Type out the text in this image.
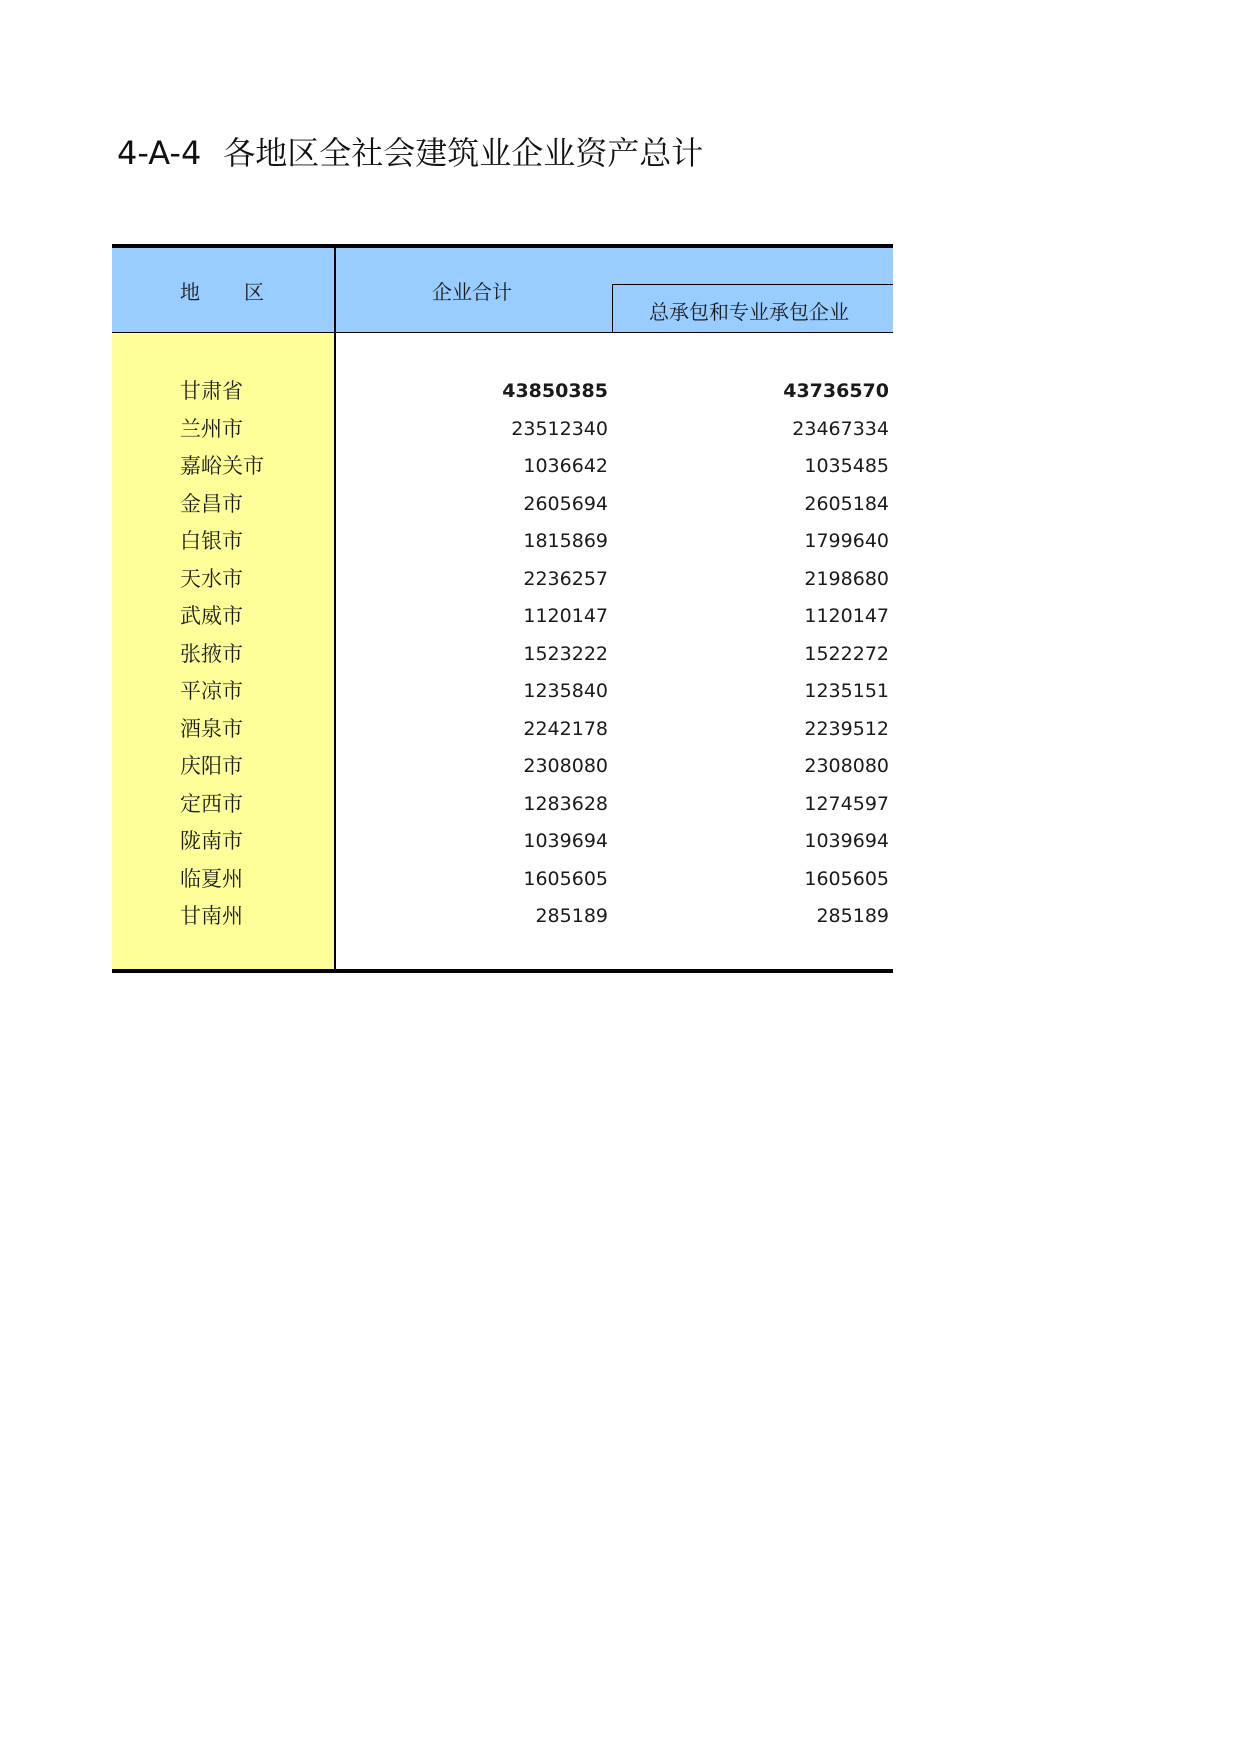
4-A-4 各地区全社会建筑业企业资产总计
地 区	企业合计
总承包和专业承包企业
甘肃省	43850385	43736570
兰州市	23512340	23467334
嘉峪关市	1036642	1035485
金昌市	2605694	2605184
白银市	1815869	1799640
天水市	2236257	2198680
武威市	1120147	1120147
张掖市	1523222	1522272
平凉市	1235840	1235151
酒泉市	2242178	2239512
庆阳市	2308080	2308080
定西市	1283628	1274597
陇南市	1039694	1039694
临夏州	1605605	1605605
甘南州	285189	285189
